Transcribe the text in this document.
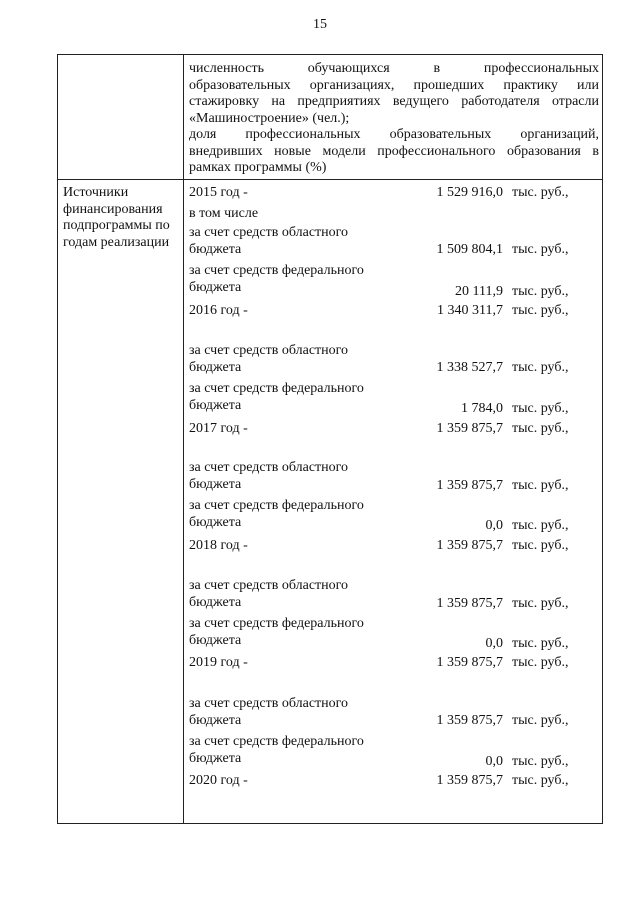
15

численность обучающихся в профессиональных

образовательных организациях, прошедших практику или

стажировку на предприятиях ведущего работодателя отрасли

«Машиностроение» (чел.);

доля профессиональных образовательных организаций,

внедривших новые модели профессионального образования в

рамках программы (%)

Источники финансирования подпрограммы по годам реализации
2015 год -	1 529 916,0 тыс. руб.,
в том числе
за счет средств областного
бюджета	1 509 804,1 тыс. руб.,
за счет средств федерального
бюджета	20 111,9 тыс. руб.,
2016 год -	1 340 311,7 тыс. руб.,
за счет средств областного
бюджета	1 338 527,7 тыс. руб.,
за счет средств федерального
бюджета	1 784,0 тыс. руб.,
2017 год -	1 359 875,7 тыс. руб.,
за счет средств областного
бюджета	1 359 875,7 тыс. руб.,
за счет средств федерального
бюджета	0,0 тыс. руб.,
2018 год -	1 359 875,7 тыс. руб.,
за счет средств областного
бюджета	1 359 875,7 тыс. руб.,
за счет средств федерального
бюджета	0,0 тыс. руб.,
2019 год -	1 359 875,7 тыс. руб.,
за счет средств областного
бюджета	1 359 875,7 тыс. руб.,
за счет средств федерального
бюджета	0,0 тыс. руб.,
2020 год -	1 359 875,7 тыс. руб.,
